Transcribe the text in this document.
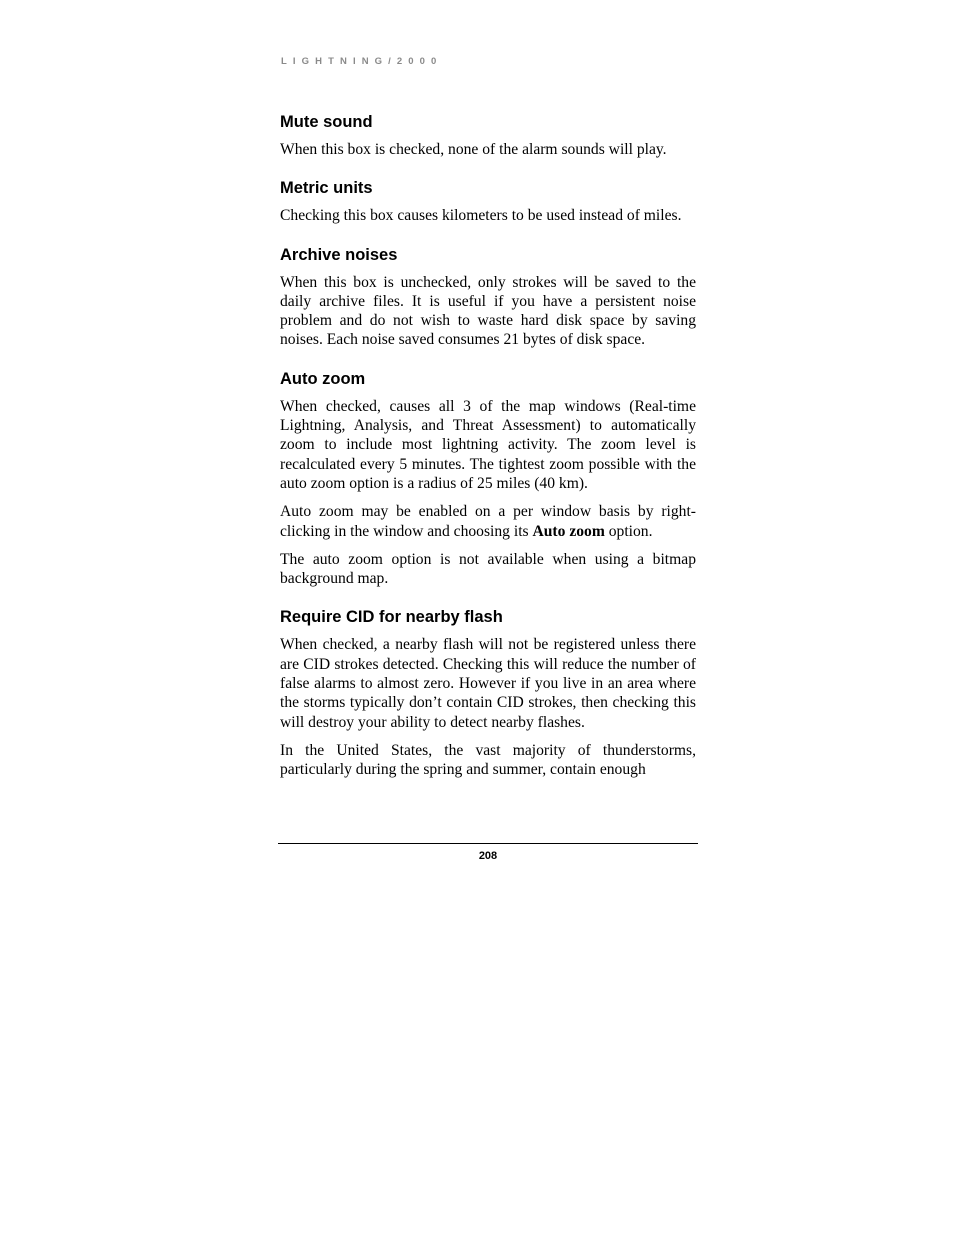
LIGHTNING/2000
Mute sound

When this box is checked, none of the alarm sounds will play.

Metric units

Checking this box causes kilometers to be used instead of miles.

Archive noises

When this box is unchecked, only strokes will be saved to the daily archive files. It is useful if you have a persistent noise problem and do not wish to waste hard disk space by saving noises. Each noise saved consumes 21 bytes of disk space.

Auto zoom

When checked, causes all 3 of the map windows (Real-time Lightning, Analysis, and Threat Assessment) to automatically zoom to include most lightning activity. The zoom level is recalculated every 5 minutes. The tightest zoom possible with the auto zoom option is a radius of 25 miles (40 km).

Auto zoom may be enabled on a per window basis by right-clicking in the window and choosing its Auto zoom option.

The auto zoom option is not available when using a bitmap background map.

Require CID for nearby flash

When checked, a nearby flash will not be registered unless there are CID strokes detected. Checking this will reduce the number of false alarms to almost zero. However if you live in an area where the storms typically don’t contain CID strokes, then checking this will destroy your ability to detect nearby flashes.

In the United States, the vast majority of thunderstorms, particularly during the spring and summer, contain enough

208
